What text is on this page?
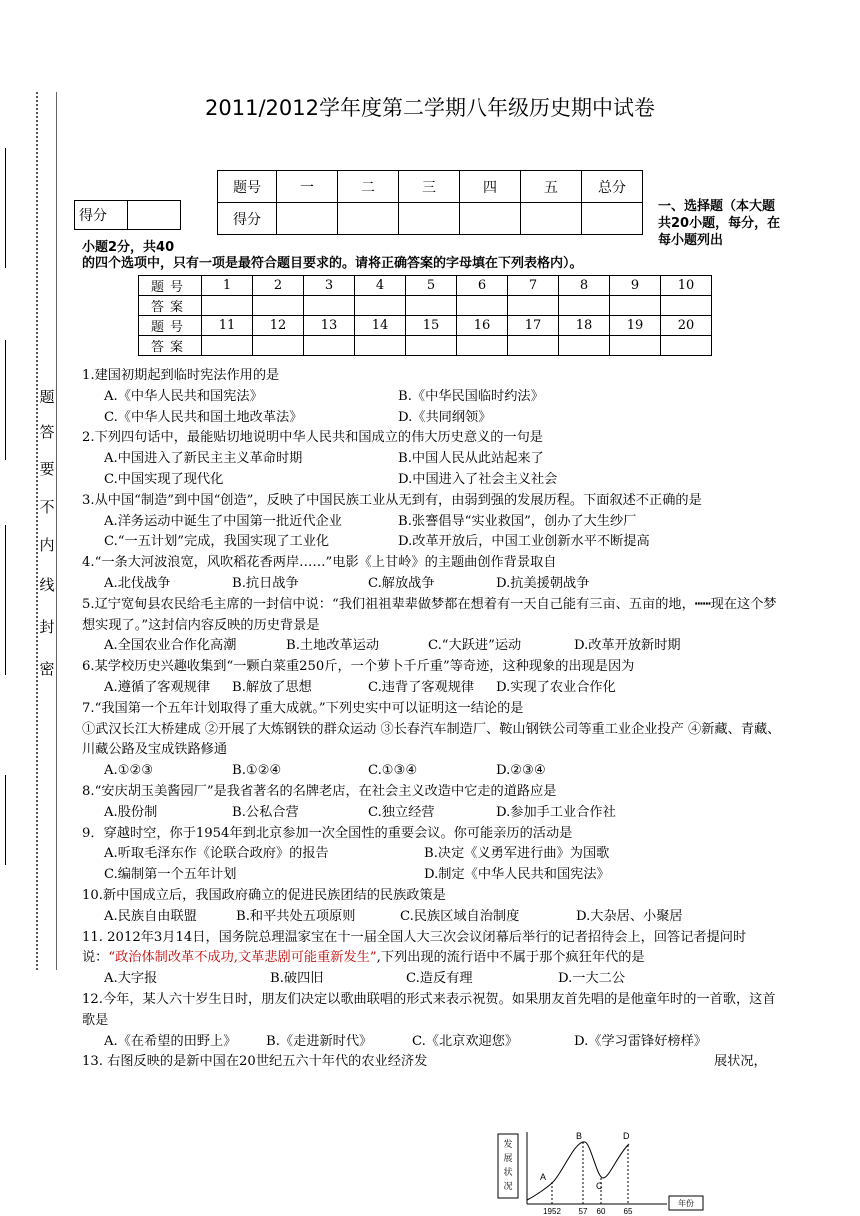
题
答
要
不
内
线
封
密
2011/2012学年度第二学期八年级历史期中试卷
题号	一	二	三	四	五	总分
得分						
得分	
一、选择题（本大题共20小题，每分，在每小题列出
小题2分，共40
的四个选项中，只有一项是最符合题目要求的。请将正确答案的字母填在下列表格内）。
题号	1	2	3	4	5	6	7	8	9	10
答案										
题号	11	12	13	14	15	16	17	18	19	20
答案										

1.建国初期起到临时宪法作用的是

A.《中华人民共和国宪法》	B.《中华民国临时约法》

C.《中华人民共和国土地改革法》	D.《共同纲领》

2.下列四句话中，最能贴切地说明中华人民共和国成立的伟大历史意义的一句是

A.中国进入了新民主主义革命时期	B.中国人民从此站起来了

C.中国实现了现代化	D.中国进入了社会主义社会

3.从中国“制造”到中国“创造”，反映了中国民族工业从无到有，由弱到强的发展历程。下面叙述不正确的是

A.洋务运动中诞生了中国第一批近代企业	B.张謇倡导“实业救国”，创办了大生纱厂

C.“一五计划”完成，我国实现了工业化	D.改革开放后，中国工业创新水平不断提高

4.“一条大河波浪宽，风吹稻花香两岸……”电影《上甘岭》的主题曲创作背景取自

A.北伐战争	B.抗日战争	C.解放战争	D.抗美援朝战争

5.辽宁宽甸县农民给毛主席的一封信中说：“我们祖祖辈辈做梦都在想着有一天自己能有三亩、五亩的地，┅┅现在这个梦想实现了。”这封信内容反映的历史背景是

A.全国农业合作化高潮	B.土地改革运动	C.“大跃进”运动	D.改革开放新时期

6.某学校历史兴趣收集到“一颗白菜重250斤，一个萝卜千斤重”等奇迹，这种现象的出现是因为

A.遵循了客观规律 B.解放了思想	C.违背了客观规律 D.实现了农业合作化

7.“我国第一个五年计划取得了重大成就。”下列史实中可以证明这一结论的是

①武汉长江大桥建成 ②开展了大炼钢铁的群众运动 ③长春汽车制造厂、鞍山钢铁公司等重工业企业投产 ④新藏、青藏、川藏公路及宝成铁路修通

A.①②③	B.①②④	C.①③④	D.②③④

8.“安庆胡玉美酱园厂”是我省著名的名牌老店，在社会主义改造中它走的道路应是

A.股份制	B.公私合营	C.独立经营	D.参加手工业合作社

9．穿越时空，你于1954年到北京参加一次全国性的重要会议。你可能亲历的活动是

A.听取毛泽东作《论联合政府》的报告	B.决定《义勇军进行曲》为国歌

C.编制第一个五年计划	D.制定《中华人民共和国宪法》

10.新中国成立后，我国政府确立的促进民族团结的民族政策是

A.民族自由联盟	B.和平共处五项原则	C.民族区域自治制度	D.大杂居、小聚居

11. 2012年3月14日，国务院总理温家宝在十一届全国人大三次会议闭幕后举行的记者招待会上，回答记者提问时说：“政治体制改革不成功,文革悲剧可能重新发生”,下列出现的流行语中不属于那个疯狂年代的是

A.大字报	B.破四旧	C.造反有理	D.一大二公

12.今年，某人六十岁生日时，朋友们决定以歌曲联唱的形式来表示祝贺。如果朋友首先唱的是他童年时的一首歌，这首歌是

A.《在希望的田野上》 B.《走进新时代》	C.《北京欢迎您》	D.《学习雷锋好榜样》

13. 右图反映的是新中国在20世纪五六十年代的农业经济发	展状况，

发
展
状
况
A
B
C
D
1952 57 60 65
年份
